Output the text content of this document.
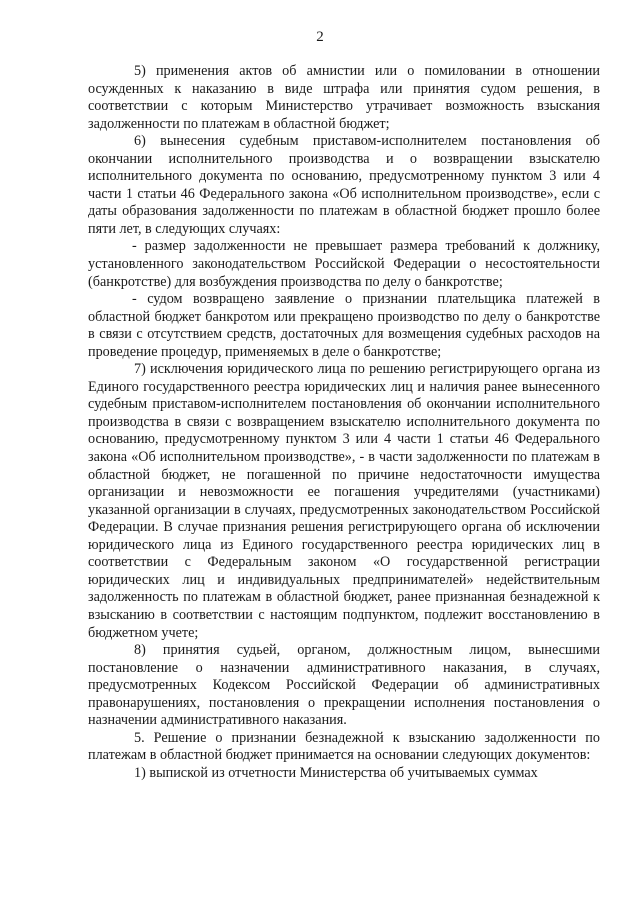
2

5) применения актов об амнистии или о помиловании в отношении осужденных к наказанию в виде штрафа или принятия судом решения, в соответствии с которым Министерство утрачивает возможность взыскания задолженности по платежам в областной бюджет;

6) вынесения судебным приставом-исполнителем постановления об окончании исполнительного производства и о возвращении взыскателю исполнительного документа по основанию, предусмотренному пунктом 3 или 4 части 1 статьи 46 Федерального закона «Об исполнительном производстве», если с даты образования задолженности по платежам в областной бюджет прошло более пяти лет, в следующих случаях:

- размер задолженности не превышает размера требований к должнику, установленного законодательством Российской Федерации о несостоятельности (банкротстве) для возбуждения производства по делу о банкротстве;

- судом возвращено заявление о признании плательщика платежей в областной бюджет банкротом или прекращено производство по делу о банкротстве в связи с отсутствием средств, достаточных для возмещения судебных расходов на проведение процедур, применяемых в деле о банкротстве;

7) исключения юридического лица по решению регистрирующего органа из Единого государственного реестра юридических лиц и наличия ранее вынесенного судебным приставом-исполнителем постановления об окончании исполнительного производства в связи с возвращением взыскателю исполнительного документа по основанию, предусмотренному пунктом 3 или 4 части 1 статьи 46 Федерального закона «Об исполнительном производстве», - в части задолженности по платежам в областной бюджет, не погашенной по причине недостаточности имущества организации и невозможности ее погашения учредителями (участниками) указанной организации в случаях, предусмотренных законодательством Российской Федерации. В случае признания решения регистрирующего органа об исключении юридического лица из Единого государственного реестра юридических лиц в соответствии с Федеральным законом «О государственной регистрации юридических лиц и индивидуальных предпринимателей» недействительным задолженность по платежам в областной бюджет, ранее признанная безнадежной к взысканию в соответствии с настоящим подпунктом, подлежит восстановлению в бюджетном учете;

8) принятия судьей, органом, должностным лицом, вынесшими постановление о назначении административного наказания, в случаях, предусмотренных Кодексом Российской Федерации об административных правонарушениях, постановления о прекращении исполнения постановления о назначении административного наказания.

5. Решение о признании безнадежной к взысканию задолженности по платежам в областной бюджет принимается на основании следующих документов:

1) выпиской из отчетности Министерства об учитываемых суммах
